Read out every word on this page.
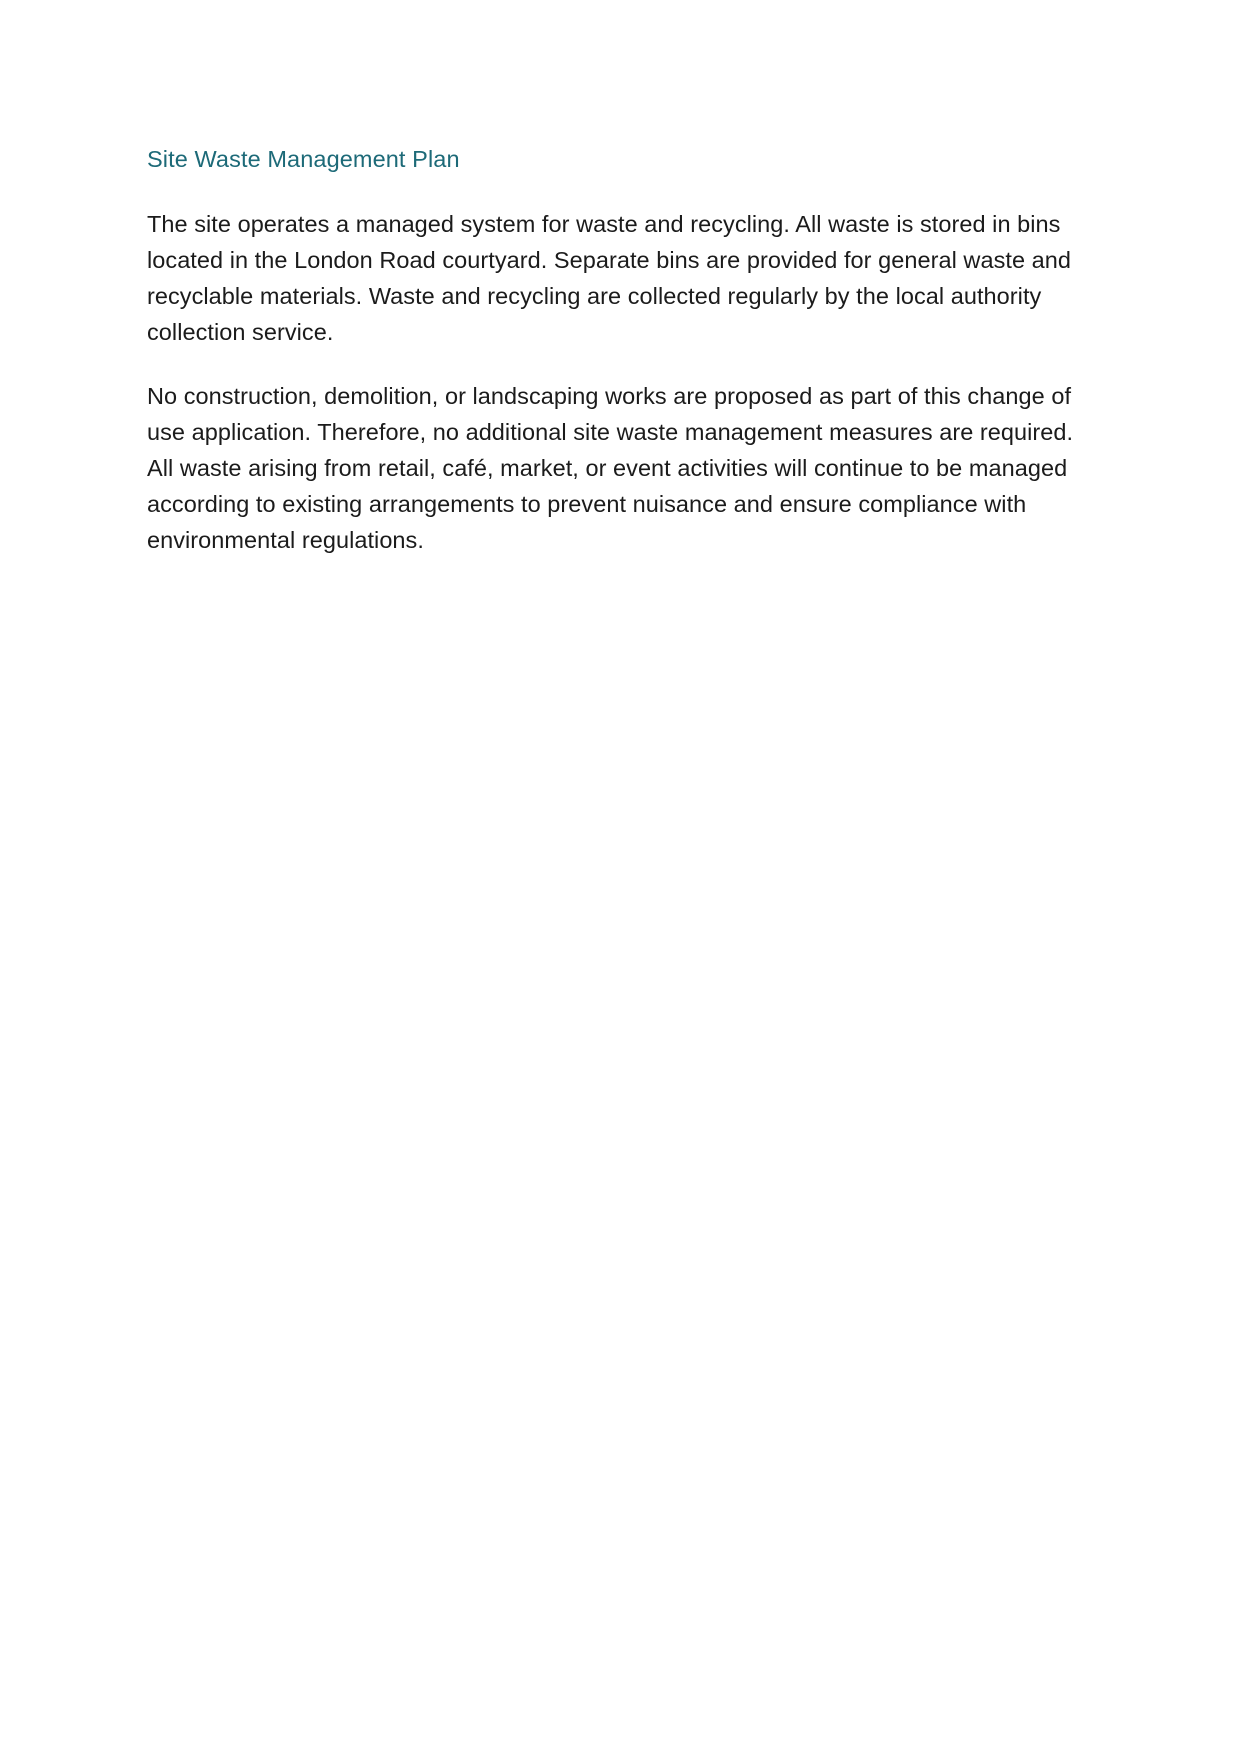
Site Waste Management Plan

The site operates a managed system for waste and recycling. All waste is stored in bins located in the London Road courtyard. Separate bins are provided for general waste and recyclable materials. Waste and recycling are collected regularly by the local authority collection service.

No construction, demolition, or landscaping works are proposed as part of this change of use application. Therefore, no additional site waste management measures are required. All waste arising from retail, café, market, or event activities will continue to be managed according to existing arrangements to prevent nuisance and ensure compliance with environmental regulations.
